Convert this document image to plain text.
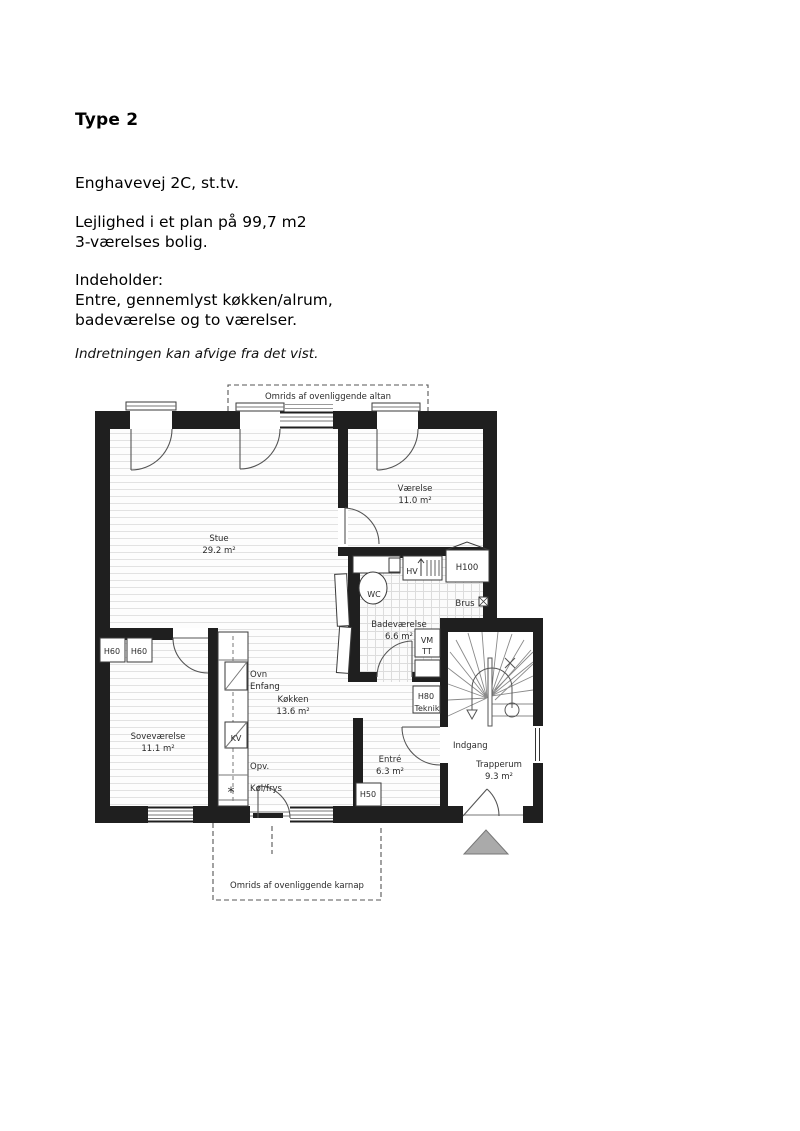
Type 2
Enghavevej 2C, st.tv.
Lejlighed i et plan på 99,7 m2
3-værelses bolig.
Indeholder:
Entre, gennemlyst køkken/alrum,
badeværelse og to værelser.
Indretningen kan afvige fra det vist.
Omrids af ovenliggende altan
Omrids af ovenliggende karnap
Værelse
11.0 m²
Stue
29.2 m²
Badeværelse
6.6 m²
Køkken
13.6 m²
Soveværelse
11.1 m²
Entré
6.3 m²
Trapperum
9.3 m²
WC
HV	H100
Brus
VM
TT
H80
Teknik
H60 H60
Ovn
Enfang
KV
Opv.
Køl/frys
*	H50
Indgang
